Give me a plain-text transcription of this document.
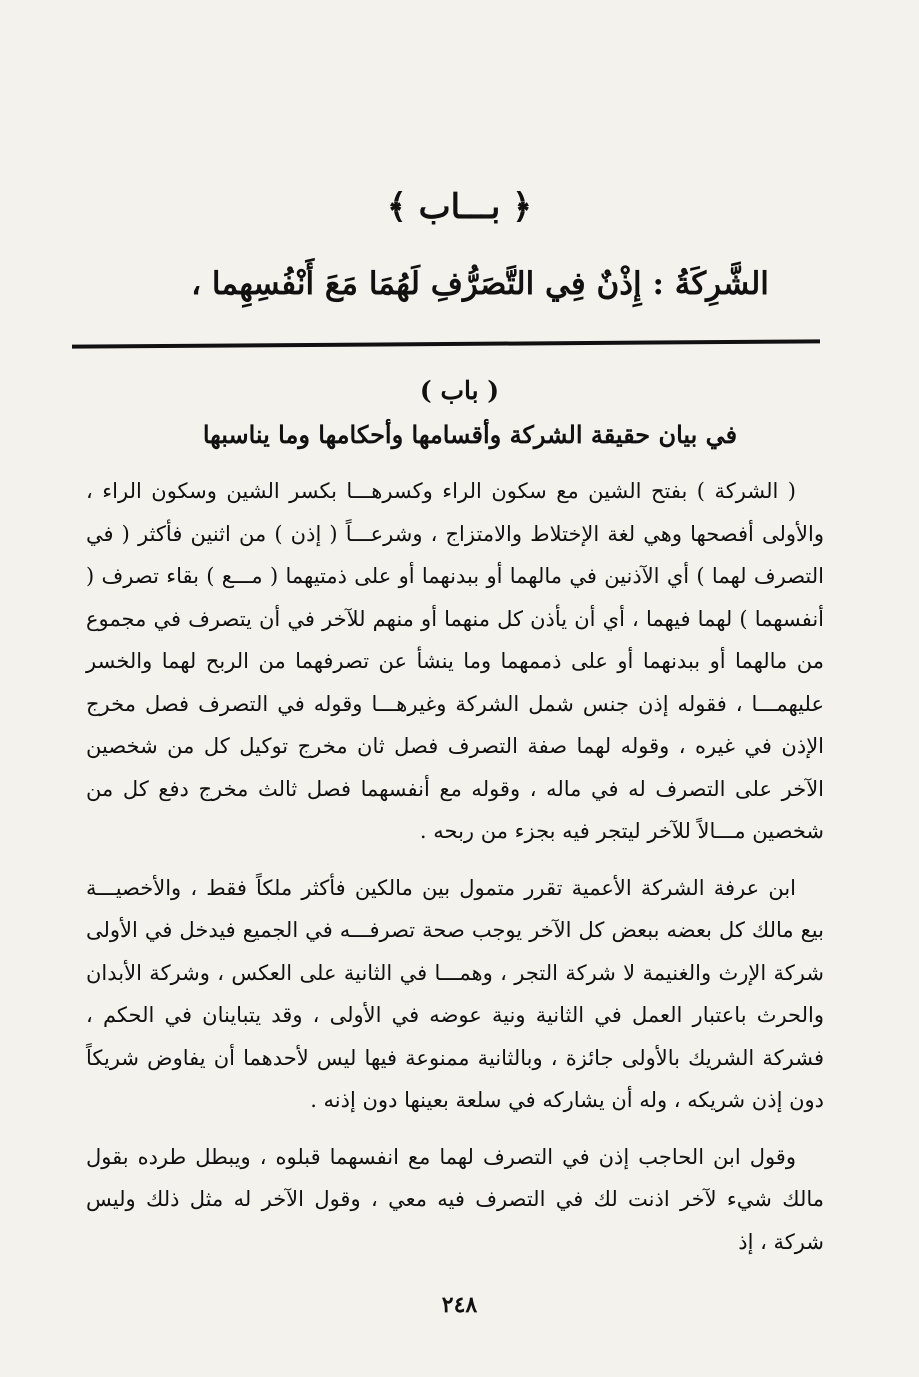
﴿ بـــاب ﴾
الشَّرِكَةُ : إِذْنٌ فِي التَّصَرُّفِ لَهُمَا مَعَ أَنْفُسِهِما ،
( باب )
في بيان حقيقة الشركة وأقسامها وأحكامها وما يناسبها

( الشركة ) بفتح الشين مع سكون الراء وكسرهـــا بكسر الشين وسكون الراء ، والأولى أفصحها وهي لغة الإختلاط والامتزاج ، وشرعـــاً ( إذن ) من اثنين فأكثر ( في التصرف لهما ) أي الآذنين في مالهما أو ببدنهما أو على ذمتيهما ( مـــع ) بقاء تصرف ( أنفسهما ) لهما فيهما ، أي أن يأذن كل منهما أو منهم للآخر في أن يتصرف في مجموع من مالهما أو ببدنهما أو على ذممهما وما ينشأ عن تصرفهما من الربح لهما والخسر عليهمـــا ، فقوله إذن جنس شمل الشركة وغيرهـــا وقوله في التصرف فصل مخرج الإذن في غيره ، وقوله لهما صفة التصرف فصل ثان مخرج توكيل كل من شخصين الآخر على التصرف له في ماله ، وقوله مع أنفسهما فصل ثالث مخرج دفع كل من شخصين مـــالاً للآخر ليتجر فيه بجزء من ربحه .

ابن عرفة الشركة الأعمية تقرر متمول بين مالكين فأكثر ملكاً فقط ، والأخصيـــة بيع مالك كل بعضه ببعض كل الآخر يوجب صحة تصرفـــه في الجميع فيدخل في الأولى شركة الإرث والغنيمة لا شركة التجر ، وهمـــا في الثانية على العكس ، وشركة الأبدان والحرث باعتبار العمل في الثانية ونية عوضه في الأولى ، وقد يتباينان في الحكم ، فشركة الشريك بالأولى جائزة ، وبالثانية ممنوعة فيها ليس لأحدهما أن يفاوض شريكاً دون إذن شريكه ، وله أن يشاركه في سلعة بعينها دون إذنه .

وقول ابن الحاجب إذن في التصرف لهما مع انفسهما قبلوه ، ويبطل طرده بقول مالك شيء لآخر اذنت لك في التصرف فيه معي ، وقول الآخر له مثل ذلك وليس شركة ، إذ

٢٤٨
